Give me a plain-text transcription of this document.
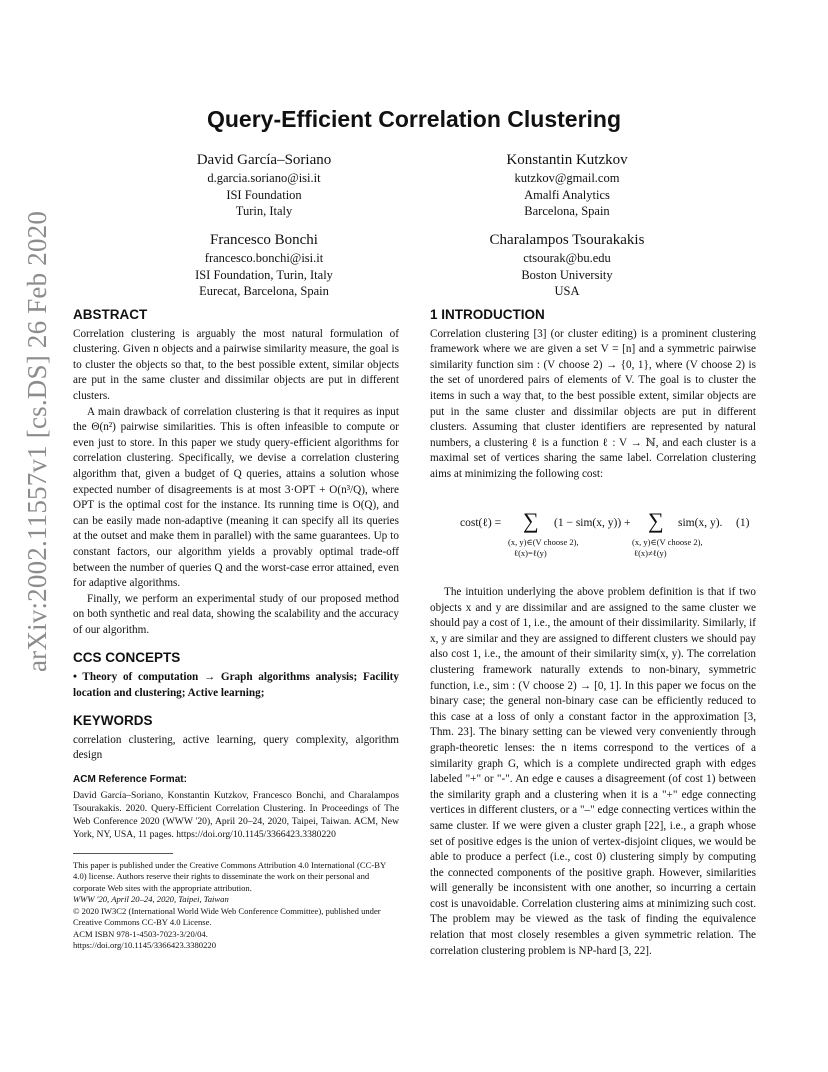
arXiv:2002.11557v1 [cs.DS] 26 Feb 2020
Query-Efficient Correlation Clustering
David García–Soriano
d.garcia.soriano@isi.it
ISI Foundation
Turin, Italy
Konstantin Kutzkov
kutzkov@gmail.com
Amalfi Analytics
Barcelona, Spain
Francesco Bonchi
francesco.bonchi@isi.it
ISI Foundation, Turin, Italy
Eurecat, Barcelona, Spain
Charalampos Tsourakakis
ctsourak@bu.edu
Boston University
USA
ABSTRACT

Correlation clustering is arguably the most natural formulation of clustering. Given n objects and a pairwise similarity measure, the goal is to cluster the objects so that, to the best possible extent, similar objects are put in the same cluster and dissimilar objects are put in different clusters.

A main drawback of correlation clustering is that it requires as input the Θ(n²) pairwise similarities. This is often infeasible to compute or even just to store. In this paper we study query-efficient algorithms for correlation clustering. Specifically, we devise a correlation clustering algorithm that, given a budget of Q queries, attains a solution whose expected number of disagreements is at most 3·OPT + O(n³/Q), where OPT is the optimal cost for the instance. Its running time is O(Q), and can be easily made non-adaptive (meaning it can specify all its queries at the outset and make them in parallel) with the same guarantees. Up to constant factors, our algorithm yields a provably optimal trade-off between the number of queries Q and the worst-case error attained, even for adaptive algorithms.

Finally, we perform an experimental study of our proposed method on both synthetic and real data, showing the scalability and the accuracy of our algorithm.

CCS CONCEPTS

• Theory of computation → Graph algorithms analysis; Facility location and clustering; Active learning;

KEYWORDS

correlation clustering, active learning, query complexity, algorithm design

ACM Reference Format:

David García–Soriano, Konstantin Kutzkov, Francesco Bonchi, and Charalampos Tsourakakis. 2020. Query-Efficient Correlation Clustering. In Proceedings of The Web Conference 2020 (WWW '20), April 20–24, 2020, Taipei, Taiwan. ACM, New York, NY, USA, 11 pages. https://doi.org/10.1145/3366423.3380220

This paper is published under the Creative Commons Attribution 4.0 International (CC-BY 4.0) license. Authors reserve their rights to disseminate the work on their personal and corporate Web sites with the appropriate attribution.
WWW '20, April 20–24, 2020, Taipei, Taiwan
© 2020 IW3C2 (International World Wide Web Conference Committee), published under Creative Commons CC-BY 4.0 License.
ACM ISBN 978-1-4503-7023-3/20/04.
https://doi.org/10.1145/3366423.3380220
1 INTRODUCTION

Correlation clustering [3] (or cluster editing) is a prominent clustering framework where we are given a set V = [n] and a symmetric pairwise similarity function sim : (V choose 2) → {0, 1}, where (V choose 2) is the set of unordered pairs of elements of V. The goal is to cluster the items in such a way that, to the best possible extent, similar objects are put in the same cluster and dissimilar objects are put in different clusters. Assuming that cluster identifiers are represented by natural numbers, a clustering ℓ is a function ℓ : V → ℕ, and each cluster is a maximal set of vertices sharing the same label. Correlation clustering aims at minimizing the following cost:

cost(ℓ) = ∑ (1 − sim(x, y)) + ∑ sim(x, y). (1)
(x, y)∈(V choose 2),
ℓ(x)=ℓ(y)
(x, y)∈(V choose 2),
ℓ(x)≠ℓ(y)

The intuition underlying the above problem definition is that if two objects x and y are dissimilar and are assigned to the same cluster we should pay a cost of 1, i.e., the amount of their dissimilarity. Similarly, if x, y are similar and they are assigned to different clusters we should pay also cost 1, i.e., the amount of their similarity sim(x, y). The correlation clustering framework naturally extends to non-binary, symmetric function, i.e., sim : (V choose 2) → [0, 1]. In this paper we focus on the binary case; the general non-binary case can be efficiently reduced to this case at a loss of only a constant factor in the approximation [3, Thm. 23]. The binary setting can be viewed very conveniently through graph-theoretic lenses: the n items correspond to the vertices of a similarity graph G, which is a complete undirected graph with edges labeled "+" or "-". An edge e causes a disagreement (of cost 1) between the similarity graph and a clustering when it is a "+" edge connecting vertices in different clusters, or a "–" edge connecting vertices within the same cluster. If we were given a cluster graph [22], i.e., a graph whose set of positive edges is the union of vertex-disjoint cliques, we would be able to produce a perfect (i.e., cost 0) clustering simply by computing the connected components of the positive graph. However, similarities will generally be inconsistent with one another, so incurring a certain cost is unavoidable. Correlation clustering aims at minimizing such cost. The problem may be viewed as the task of finding the equivalence relation that most closely resembles a given symmetric relation. The correlation clustering problem is NP-hard [3, 22].
